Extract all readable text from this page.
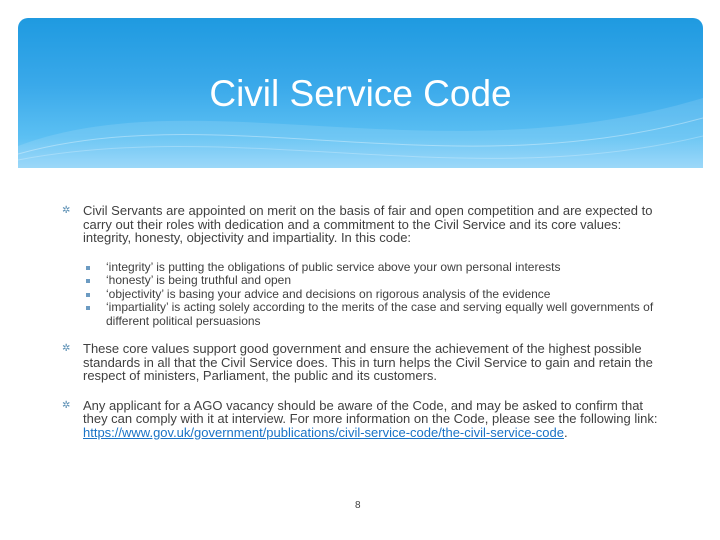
Civil Service Code
✲ Civil Servants are appointed on merit on the basis of fair and open competition and are expected to carry out their roles with dedication and a commitment to the Civil Service and its core values: integrity, honesty, objectivity and impartiality. In this code:
‘integrity’ is putting the obligations of public service above your own personal interests
‘honesty’ is being truthful and open
‘objectivity’ is basing your advice and decisions on rigorous analysis of the evidence
‘impartiality’ is acting solely according to the merits of the case and serving equally well governments of different political persuasions
✲ These core values support good government and ensure the achievement of the highest possible standards in all that the Civil Service does. This in turn helps the Civil Service to gain and retain the respect of ministers, Parliament, the public and its customers.
✲ Any applicant for a AGO vacancy should be aware of the Code, and may be asked to confirm that they can comply with it at interview. For more information on the Code, please see the following link: https://www.gov.uk/government/publications/civil-service-code/the-civil-service-code.
8
